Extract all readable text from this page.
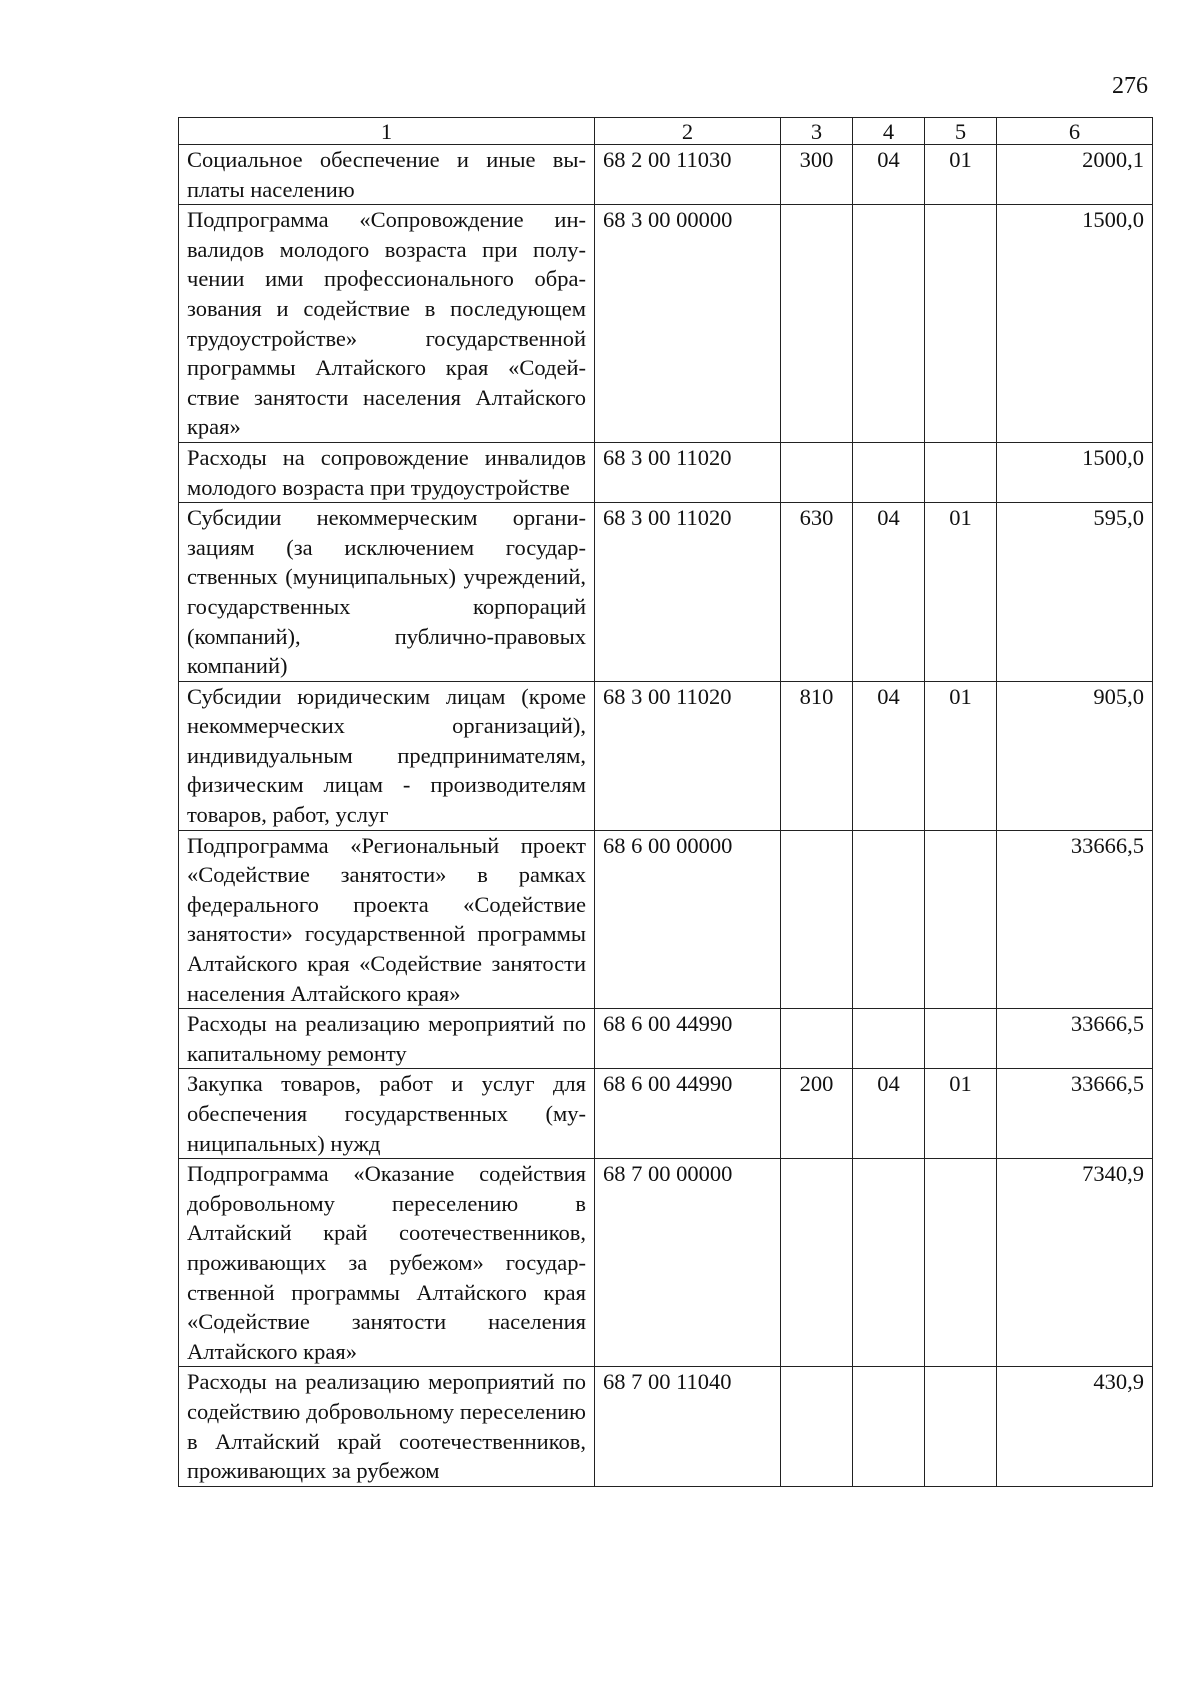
276
1	2	3	4	5	6
Социальное обеспечение и иные выплаты населению	68 2 00 11030	300	04	01	2000,1
Подпрограмма «Сопровождение инвалидов молодого возраста при получении ими профессионального образования и содействие в последующем трудоустройстве» государственной программы Алтайского края «Содействие занятости населения Алтайского края»	68 3 00 00000				1500,0
Расходы на сопровождение инвалидов молодого возраста при трудоустройстве	68 3 00 11020				1500,0
Субсидии некоммерческим организациям (за исключением государственных (муниципальных) учреждений, государственных корпораций (компаний), публично-правовых компаний)	68 3 00 11020	630	04	01	595,0
Субсидии юридическим лицам (кроме некоммерческих организаций), индивидуальным предпринимателям, физическим лицам - производителям товаров, работ, услуг	68 3 00 11020	810	04	01	905,0
Подпрограмма «Региональный проект «Содействие занятости» в рамках федерального проекта «Содействие занятости» государственной программы Алтайского края «Содействие занятости населения Алтайского края»	68 6 00 00000				33666,5
Расходы на реализацию мероприятий по капитальному ремонту	68 6 00 44990				33666,5
Закупка товаров, работ и услуг для обеспечения государственных (муниципальных) нужд	68 6 00 44990	200	04	01	33666,5
Подпрограмма «Оказание содействия добровольному переселению в Алтайский край соотечественников, проживающих за рубежом» государственной программы Алтайского края «Содействие занятости населения Алтайского края»	68 7 00 00000				7340,9
Расходы на реализацию мероприятий по содействию добровольному переселению в Алтайский край соотечественников, проживающих за рубежом	68 7 00 11040				430,9
